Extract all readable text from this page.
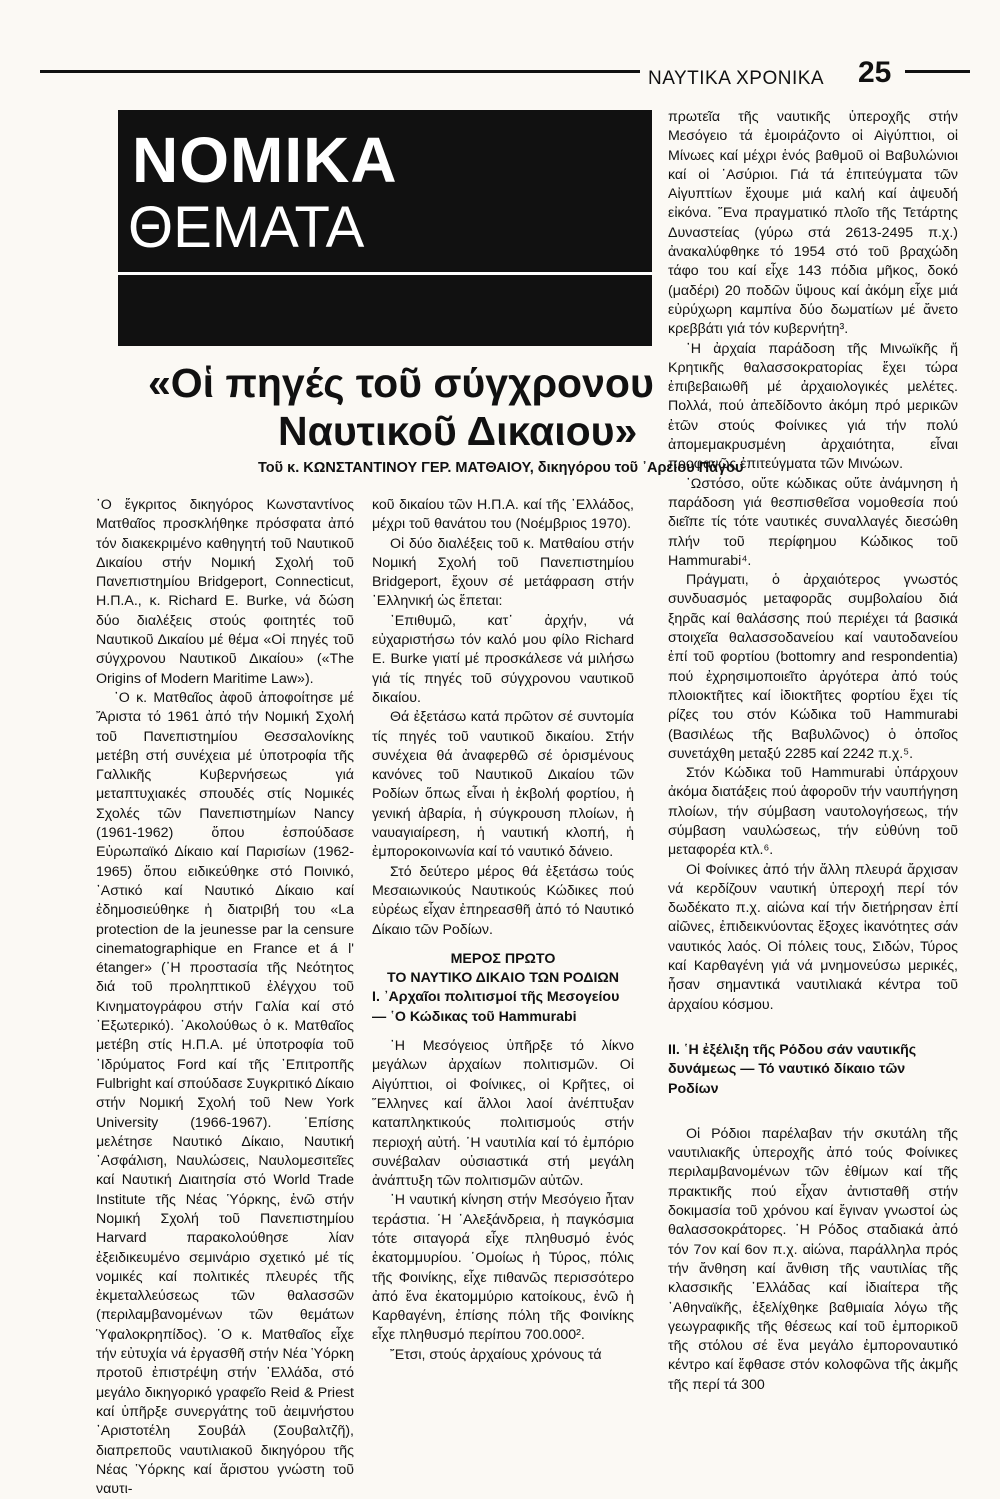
ΝΑΥΤΙΚΑ ΧΡΟΝΙΚΑ 25
ΝΟΜΙΚΑ
ΘΕΜΑΤΑ
«Οἱ πηγές τοῦ σύγχρονου
Ναυτικοῦ Δικαιου»
Τοῦ κ. ΚΩΝΣΤΑΝΤΙΝΟΥ ΓΕΡ. ΜΑΤΘΑΙΟΥ, δικηγόρου τοῦ ᾽Αρείου Πάγου

῾Ο ἔγκριτος δικηγόρος Κωνσταντίνος Ματθαῖος προσκλήθηκε πρόσφατα ἀπό τόν διακεκριμένο καθηγητή τοῦ Ναυτικοῦ Δικαίου στήν Νομική Σχολή τοῦ Πανεπιστημίου Bridgeport, Connecticut, Η.Π.Α., κ. Richard E. Burke, νά δώση δύο διαλέξεις στούς φοιτητές τοῦ Ναυτικοῦ Δικαίου μέ θέμα «Οἱ πηγές τοῦ σύγχρονου Ναυτικοῦ Δικαίου» («The Origins of Modern Maritime Law»).

῾Ο κ. Ματθαῖος ἀφοῦ ἀποφοίτησε μέ Ἄριστα τό 1961 ἀπό τήν Νομική Σχολή τοῦ Πανεπιστημίου Θεσσαλονίκης μετέβη στή συνέχεια μέ ὑποτροφία τῆς Γαλλικῆς Κυβερνήσεως γιά μεταπτυχιακές σπουδές στίς Νομικές Σχολές τῶν Πανεπιστημίων Nancy (1961-1962) ὅπου ἐσπούδασε Εὐρωπαϊκό Δίκαιο καί Παρισίων (1962-1965) ὅπου ειδικεύθηκε στό Ποινικό, ᾽Αστικό καί Ναυτικό Δίκαιο καί ἐδημοσιεύθηκε ἡ διατριβή του «La protection de la jeunesse par la censure cinematographique en France et á l' étanger» (῾Η προστασία τῆς Νεότητος διά τοῦ προληπτικοῦ ἐλέγχου τοῦ Κινηματογράφου στήν Γαλία καί στό ᾽Εξωτερικό). ᾽Ακολούθως ὁ κ. Ματθαῖος μετέβη στίς Η.Π.Α. μέ ὑποτροφία τοῦ ῾Ιδρύματος Ford καί τῆς ᾽Επιτροπῆς Fulbright καί σπούδασε Συγκριτικό Δίκαιο στήν Νομική Σχολή τοῦ New York University (1966-1967). ᾽Επίσης μελέτησε Ναυτικό Δίκαιο, Ναυτική ᾽Ασφάλιση, Ναυλώσεις, Ναυλομεσιτεῖες καί Ναυτική Διαιτησία στό World Trade Institute τῆς Νέας Ὑόρκης, ἐνῶ στήν Νομική Σχολή τοῦ Πανεπιστημίου Harvard παρακολούθησε λίαν ἐξειδικευμένο σεμινάριο σχετικό μέ τίς νομικές καί πολιτικές πλευρές τῆς ἐκμεταλλεύσεως τῶν θαλασσῶν (περιλαμβανομένων τῶν θεμάτων Ὑφαλοκρηπίδος). ῾Ο κ. Ματθαῖος εἶχε τήν εὐτυχία νά ἐργασθῆ στήν Νέα Ὑόρκη προτοῦ ἐπιστρέψη στήν ῾Ελλάδα, στό μεγάλο δικηγορικό γραφεῖο Reid & Priest καί ὑπῆρξε συνεργάτης τοῦ ἀειμνήστου ᾽Αριστοτέλη Σουβάλ (Σουβαλτζῆ), διαπρεποῦς ναυτιλιακοῦ δικηγόρου τῆς Νέας Ὑόρκης καί ἄριστου γνώστη τοῦ ναυτι-

κοῦ δικαίου τῶν Η.Π.Α. καί τῆς ῾Ελλάδος, μέχρι τοῦ θανάτου του (Νοέμβριος 1970).

Οἱ δύο διαλέξεις τοῦ κ. Ματθαίου στήν Νομική Σχολή τοῦ Πανεπιστημίου Bridgeport, ἔχουν σέ μετάφραση στήν ῾Ελληνική ὡς ἕπεται:

᾽Επιθυμῶ, κατ᾽ ἀρχήν, νά εὐχαριστήσω τόν καλό μου φίλο Richard E. Burke γιατί μέ προσκάλεσε νά μιλήσω γιά τίς πηγές τοῦ σύγχρονου ναυτικοῦ δικαίου.

Θά ἐξετάσω κατά πρῶτον σέ συντομία τίς πηγές τοῦ ναυτικοῦ δικαίου. Στήν συνέχεια θά ἀναφερθῶ σέ ὁρισμένους κανόνες τοῦ Ναυτικοῦ Δικαίου τῶν Ροδίων ὅπως εἶναι ἡ ἐκβολή φορτίου, ἡ γενική ἀβαρία, ἡ σύγκρουση πλοίων, ἡ ναυαγιαίρεση, ἡ ναυτική κλοπή, ἡ ἐμποροκοινωνία καί τό ναυτικό δάνειο.

Στό δεύτερο μέρος θά ἐξετάσω τούς Μεσαιωνικούς Ναυτικούς Κώδικες πού εὐρέως εἶχαν ἐπηρεασθῆ ἀπό τό Ναυτικό Δίκαιο τῶν Ροδίων.

ΜΕΡΟΣ ΠΡΩΤΟ

ΤΟ ΝΑΥΤΙΚΟ ΔΙΚΑΙΟ ΤΩΝ ΡΟΔΙΩΝ

Ι. ᾽Αρχαῖοι πολιτισμοί τῆς Μεσογείου — ῾Ο Κώδικας τοῦ Hammurabi

῾Η Μεσόγειος ὑπῆρξε τό λίκνο μεγάλων ἀρχαίων πολιτισμῶν. Οἱ Αἰγύπτιοι, οἱ Φοίνικες, οἱ Κρῆτες, οἱ ῞Ελληνες καί ἄλλοι λαοί ἀνέπτυξαν καταπληκτικούς πολιτισμούς στήν περιοχή αὐτή. ῾Η ναυτιλία καί τό ἐμπόριο συνέβαλαν οὐσιαστικά στή μεγάλη ἀνάπτυξη τῶν πολιτισμῶν αὐτῶν.

῾Η ναυτική κίνηση στήν Μεσόγειο ἦταν τεράστια. ῾Η ᾽Αλεξάνδρεια, ἡ παγκόσμια τότε σιταγορά εἶχε πληθυσμό ἑνός ἑκατομμυρίου. ῾Ομοίως ἡ Τύρος, πόλις τῆς Φοινίκης, εἶχε πιθανῶς περισσότερο ἀπό ἕνα ἑκατομμύριο κατοίκους, ἐνῶ ἡ Καρθαγένη, ἐπίσης πόλη τῆς Φοινίκης εἶχε πληθυσμό περίπου 700.000².

῎Ετσι, στούς ἀρχαίους χρόνους τά

πρωτεῖα τῆς ναυτικῆς ὑπεροχῆς στήν Μεσόγειο τά ἐμοιράζοντο οἱ Αἰγύπτιοι, οἱ Μίνωες καί μέχρι ἑνός βαθμοῦ οἱ Βαβυλώνιοι καί οἱ ᾽Ασύριοι. Γιά τά ἐπιτεύγματα τῶν Αἰγυπτίων ἔχουμε μιά καλή καί ἀψευδή εἰκόνα. ῞Ενα πραγματικό πλοῖο τῆς Τετάρτης Δυναστείας (γύρω στά 2613-2495 π.χ.) ἀνακαλύφθηκε τό 1954 στό τοῦ βραχώδη τάφο του καί εἶχε 143 πόδια μῆκος, δοκό (μαδέρι) 20 ποδῶν ὕψους καί ἀκόμη εἶχε μιά εὐρύχωρη καμπίνα δύο δωματίων μέ ἄνετο κρεββάτι γιά τόν κυβερνήτη³.

῾Η ἀρχαία παράδοση τῆς Μινωϊκῆς ἤ Κρητικῆς θαλασσοκρατορίας ἔχει τώρα ἐπιβεβαιωθῆ μέ ἀρχαιολογικές μελέτες. Πολλά, πού ἀπεδίδοντο ἀκόμη πρό μερικῶν ἐτῶν στούς Φοίνικες γιά τήν πολύ ἀπομεμακρυσμένη ἀρχαιότητα, εἶναι προφανῶς ἐπιτεύγματα τῶν Μινώων.

῾Ωστόσο, οὔτε κώδικας οὔτε ἀνάμνηση ἡ παράδοση γιά θεσπισθεῖσα νομοθεσία πού διεῖπε τίς τότε ναυτικές συναλλαγές διεσώθη πλήν τοῦ περίφημου Κώδικος τοῦ Hammurabi⁴.

Πράγματι, ὁ ἀρχαιότερος γνωστός συνδυασμός μεταφορᾶς συμβολαίου διά ξηρᾶς καί θαλάσσης πού περιέχει τά βασικά στοιχεῖα θαλασσοδανείου καί ναυτοδανείου ἐπί τοῦ φορτίου (bottomry and respondentia) πού ἐχρησιμοποιεῖτο ἀργότερα ἀπό τούς πλοιοκτῆτες καί ἰδιοκτῆτες φορτίου ἔχει τίς ρίζες του στόν Κώδικα τοῦ Hammurabi (Βασιλέως τῆς Βαβυλῶνος) ὁ ὁποῖος συνετάχθη μεταξύ 2285 καί 2242 π.χ.⁵.

Στόν Κώδικα τοῦ Hammurabi ὑπάρχουν ἀκόμα διατάξεις πού ἀφοροῦν τήν ναυπήγηση πλοίων, τήν σύμβαση ναυτολογήσεως, τήν σύμβαση ναυλώσεως, τήν εὐθύνη τοῦ μεταφορέα κτλ.⁶.

Οἱ Φοίνικες ἀπό τήν ἄλλη πλευρά ἄρχισαν νά κερδίζουν ναυτική ὑπεροχή περί τόν δωδέκατο π.χ. αἰώνα καί τήν διετήρησαν ἐπί αἰῶνες, ἐπιδεικνύοντας ἔξοχες ἱκανότητες σάν ναυτικός λαός. Οἱ πόλεις τους, Σιδών, Τύρος καί Καρθαγένη γιά νά μνημονεύσω μερικές, ἦσαν σημαντικά ναυτιλιακά κέντρα τοῦ ἀρχαίου κόσμου.

ΙΙ. ῾Η ἐξέλιξη τῆς Ρόδου σάν ναυτικῆς δυνάμεως — Τό ναυτικό δίκαιο τῶν Ροδίων

Οἱ Ρόδιοι παρέλαβαν τήν σκυτάλη τῆς ναυτιλιακῆς ὑπεροχῆς ἀπό τούς Φοίνικες περιλαμβανομένων τῶν ἐθίμων καί τῆς πρακτικῆς πού εἶχαν ἀντισταθῆ στήν δοκιμασία τοῦ χρόνου καί ἔγιναν γνωστοί ὡς θαλασσοκράτορες. ῾Η Ρόδος σταδιακά ἀπό τόν 7ον καί 6ον π.χ. αἰώνα, παράλληλα πρός τήν ἄνθηση καί ἄνθιση τῆς ναυτιλίας τῆς κλασσικῆς ῾Ελλάδας καί ἰδιαίτερα τῆς ᾽Αθηναϊκῆς, ἐξελίχθηκε βαθμιαία λόγω τῆς γεωγραφικῆς τῆς θέσεως καί τοῦ ἐμπορικοῦ τῆς στόλου σέ ἕνα μεγάλο ἐμποροναυτικό κέντρο καί ἔφθασε στόν κολοφῶνα τῆς ἀκμῆς τῆς περί τά 300
